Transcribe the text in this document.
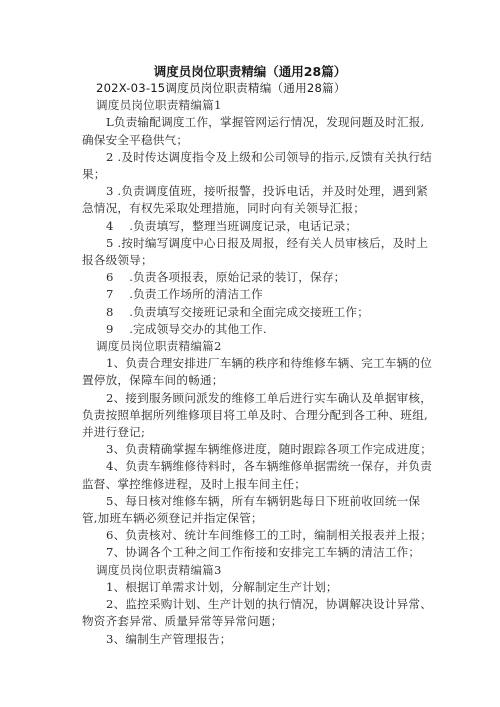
调度员岗位职责精编（通用28篇）

202X-03-15调度员岗位职责精编（通用28篇）

调度员岗位职责精编篇1

L负责输配调度工作，掌握管网运行情况，发现问题及时汇报,确保安全平稳供气；

2 .及时传达调度指令及上级和公司领导的指示,反馈有关执行结果；

3 .负责调度值班，接听报警，投诉电话，并及时处理，遇到紧急情况，有权先采取处理措施，同时向有关领导汇报；

4　 .负责填写，整理当班调度记录，电话记录；

5 .按时编写调度中心日报及周报，经有关人员审核后，及时上报各级领导；

6　 .负责各项报表，原始记录的装订，保存；

7　 .负责工作场所的清洁工作

8　 .负责填写交接班记录和全面完成交接班工作；

9　 .完成领导交办的其他工作.

调度员岗位职责精编篇2

1、负责合理安排进厂车辆的秩序和待维修车辆、完工车辆的位置停放，保障车间的畅通；

2、接到服务顾问派发的维修工单后进行实车确认及单据审核，负责按照单据所列维修项目将工单及时、合理分配到各工种、班组,并进行登记;

3、负责精确掌握车辆维修进度，随时跟踪各项工作完成进度；

4、负责车辆维修待料时，各车辆维修单据需统一保存，并负责监督、掌控维修进程，及时上报车间主任；

5、每日核对维修车辆，所有车辆钥匙每日下班前收回统一保管,加班车辆必须登记并指定保管；

6、负责核对、统计车间维修工的工时，编制相关报表并上报；

7、协调各个工种之间工作衔接和安排完工车辆的清洁工作；

调度员岗位职责精编篇3

1、根据订单需求计划，分解制定生产计划；

2、监控采购计划、生产计划的执行情况，协调解决设计异常、物资齐套异常、质量异常等异常问题；

3、编制生产管理报告；
